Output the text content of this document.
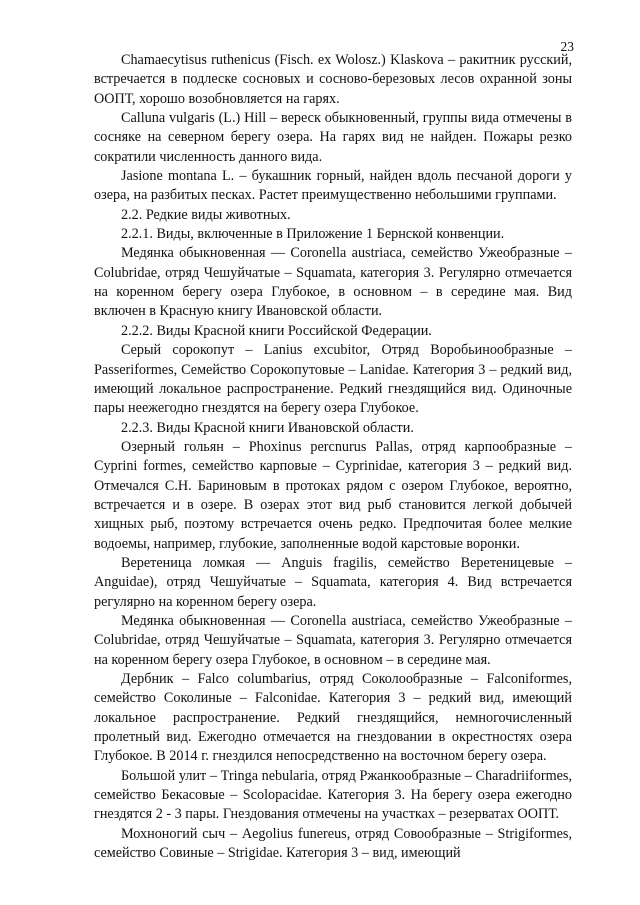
23

Chamaecytisus ruthenicus (Fisch. ex Wolosz.) Klaskova – ракитник русский, встречается в подлеске сосновых и сосново-березовых лесов охранной зоны ООПТ, хорошо возобновляется на гарях.

Calluna vulgaris (L.) Hill – вереск обыкновенный, группы вида отмечены в сосняке на северном берегу озера. На гарях вид не найден. Пожары резко сократили численность данного вида.

Jasione montana L. – букашник горный, найден вдоль песчаной дороги у озера, на разбитых песках. Растет преимущественно небольшими группами.

2.2. Редкие виды животных.

2.2.1. Виды, включенные в Приложение 1 Бернской конвенции.

Медянка обыкновенная — Coronella austriaca, семейство Ужеобразные – Colubridae, отряд Чешуйчатые – Squamata, категория 3. Регулярно отмечается на коренном берегу озера Глубокое, в основном – в середине мая. Вид включен в Красную книгу Ивановской области.

2.2.2. Виды Красной книги Российской Федерации.

Серый сорокопут – Lanius excubitor, Отряд Воробьинообразные – Passeriformes, Семейство Сорокопутовые – Lanidae. Категория 3 – редкий вид, имеющий локальное распространение. Редкий гнездящийся вид. Одиночные пары неежегодно гнездятся на берегу озера Глубокое.

2.2.3. Виды Красной книги Ивановской области.

Озерный гольян – Phoxinus percnurus Pallas, отряд карпообразные – Cyprini formes, семейство карповые – Cyprinidae, категория 3 – редкий вид. Отмечался С.Н. Бариновым в протоках рядом с озером Глубокое, вероятно, встречается и в озере. В озерах этот вид рыб становится легкой добычей хищных рыб, поэтому встречается очень редко. Предпочитая более мелкие водоемы, например, глубокие, заполненные водой карстовые воронки.

Веретеница ломкая — Anguis fragilis, семейство Веретеницевые – Anguidae), отряд Чешуйчатые – Squamata, категория 4. Вид встречается регулярно на коренном берегу озера.

Медянка обыкновенная — Coronella austriaca, семейство Ужеобразные – Colubridae, отряд Чешуйчатые – Squamata, категория 3. Регулярно отмечается на коренном берегу озера Глубокое, в основном – в середине мая.

Дербник – Falco columbarius, отряд Соколообразные – Falconiformes, семейство Соколиные – Falconidae. Категория 3 – редкий вид, имеющий локальное распространение. Редкий гнездящийся, немногочисленный пролетный вид. Ежегодно отмечается на гнездовании в окрестностях озера Глубокое. В 2014 г. гнездился непосредственно на восточном берегу озера.

Большой улит – Tringa nebularia, отряд Ржанкообразные – Charadriiformes, семейство Бекасовые – Scolopacidae. Категория 3. На берегу озера ежегодно гнездятся 2 - 3 пары. Гнездования отмечены на участках – резерватах ООПТ.

Мохноногий сыч – Aegolius funereus, отряд Совообразные – Strigiformes, семейство Совиные – Strigidae. Категория 3 – вид, имеющий
